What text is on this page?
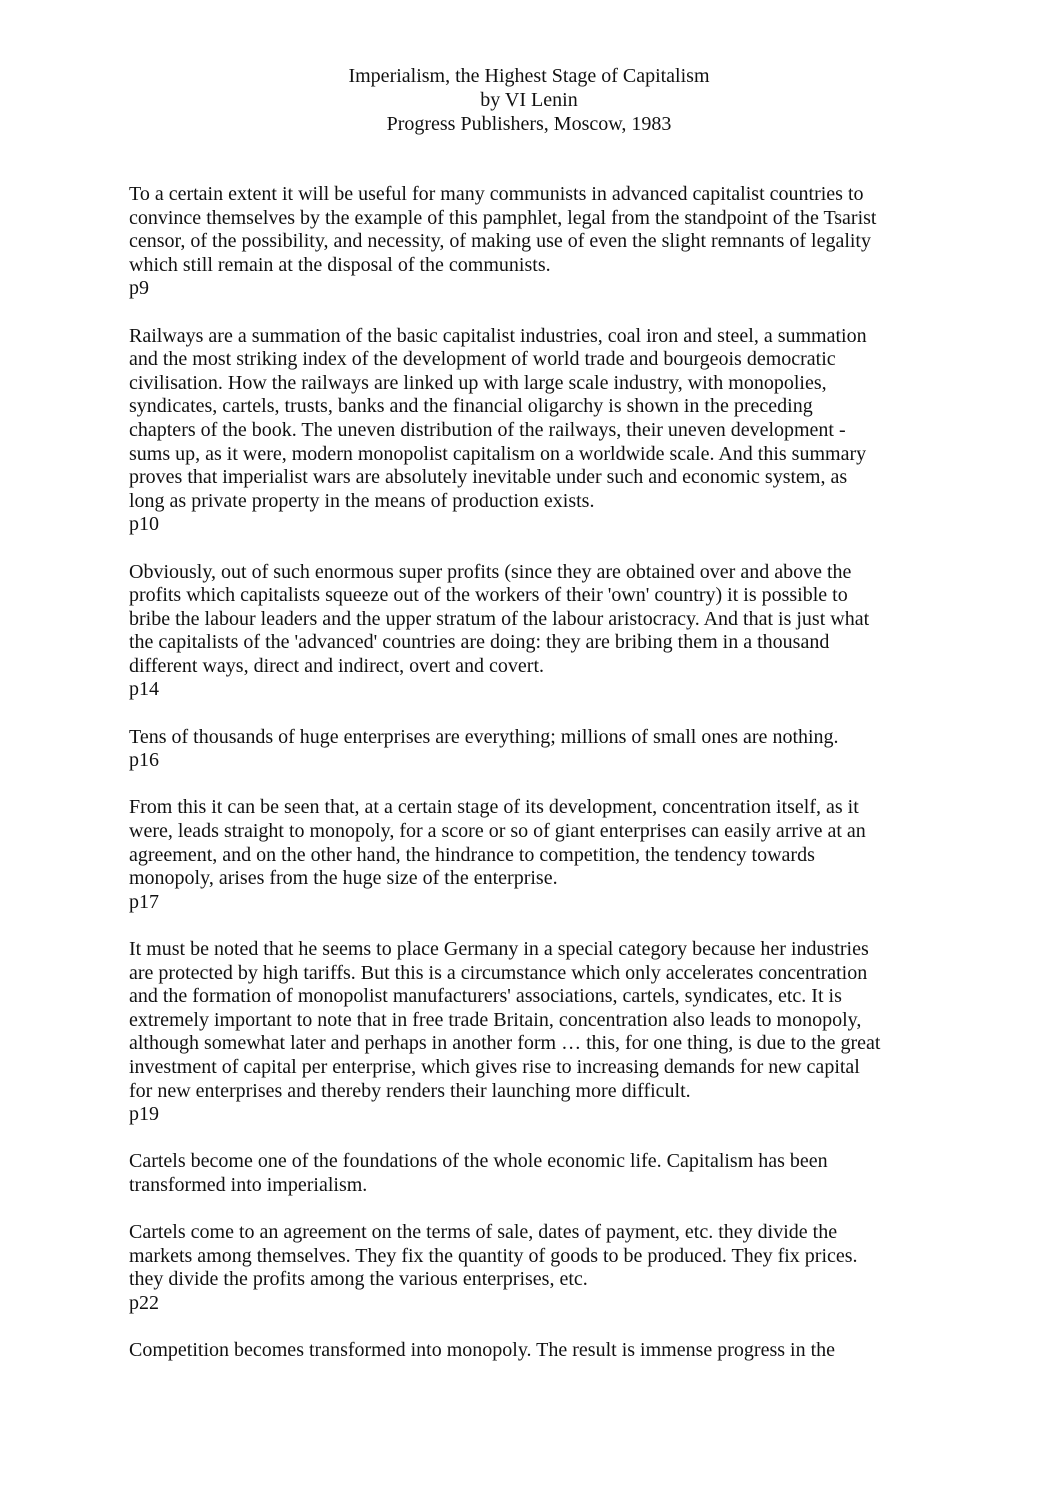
Imperialism, the Highest Stage of Capitalism
by VI Lenin
Progress Publishers, Moscow, 1983

To a certain extent it will be useful for many communists in advanced capitalist countries to
convince themselves by the example of this pamphlet, legal from the standpoint of the Tsarist
censor, of the possibility, and necessity, of making use of even the slight remnants of legality
which still remain at the disposal of the communists.
p9

Railways are a summation of the basic capitalist industries, coal iron and steel, a summation
and the most striking index of the development of world trade and bourgeois democratic
civilisation. How the railways are linked up with large scale industry, with monopolies,
syndicates, cartels, trusts, banks and the financial oligarchy is shown in the preceding
chapters of the book. The uneven distribution of the railways, their uneven development -
sums up, as it were, modern monopolist capitalism on a worldwide scale. And this summary
proves that imperialist wars are absolutely inevitable under such and economic system, as
long as private property in the means of production exists.
p10

Obviously, out of such enormous super profits (since they are obtained over and above the
profits which capitalists squeeze out of the workers of their 'own' country) it is possible to
bribe the labour leaders and the upper stratum of the labour aristocracy. And that is just what
the capitalists of the 'advanced' countries are doing: they are bribing them in a thousand
different ways, direct and indirect, overt and covert.
p14

Tens of thousands of huge enterprises are everything; millions of small ones are nothing.
p16

From this it can be seen that, at a certain stage of its development, concentration itself, as it
were, leads straight to monopoly, for a score or so of giant enterprises can easily arrive at an
agreement, and on the other hand, the hindrance to competition, the tendency towards
monopoly, arises from the huge size of the enterprise.
p17

It must be noted that he seems to place Germany in a special category because her industries
are protected by high tariffs. But this is a circumstance which only accelerates concentration
and the formation of monopolist manufacturers' associations, cartels, syndicates, etc. It is
extremely important to note that in free trade Britain, concentration also leads to monopoly,
although somewhat later and perhaps in another form … this, for one thing, is due to the great
investment of capital per enterprise, which gives rise to increasing demands for new capital
for new enterprises and thereby renders their launching more difficult.
p19

Cartels become one of the foundations of the whole economic life. Capitalism has been
transformed into imperialism.

Cartels come to an agreement on the terms of sale, dates of payment, etc. they divide the
markets among themselves. They fix the quantity of goods to be produced. They fix prices.
they divide the profits among the various enterprises, etc.
p22

Competition becomes transformed into monopoly. The result is immense progress in the
